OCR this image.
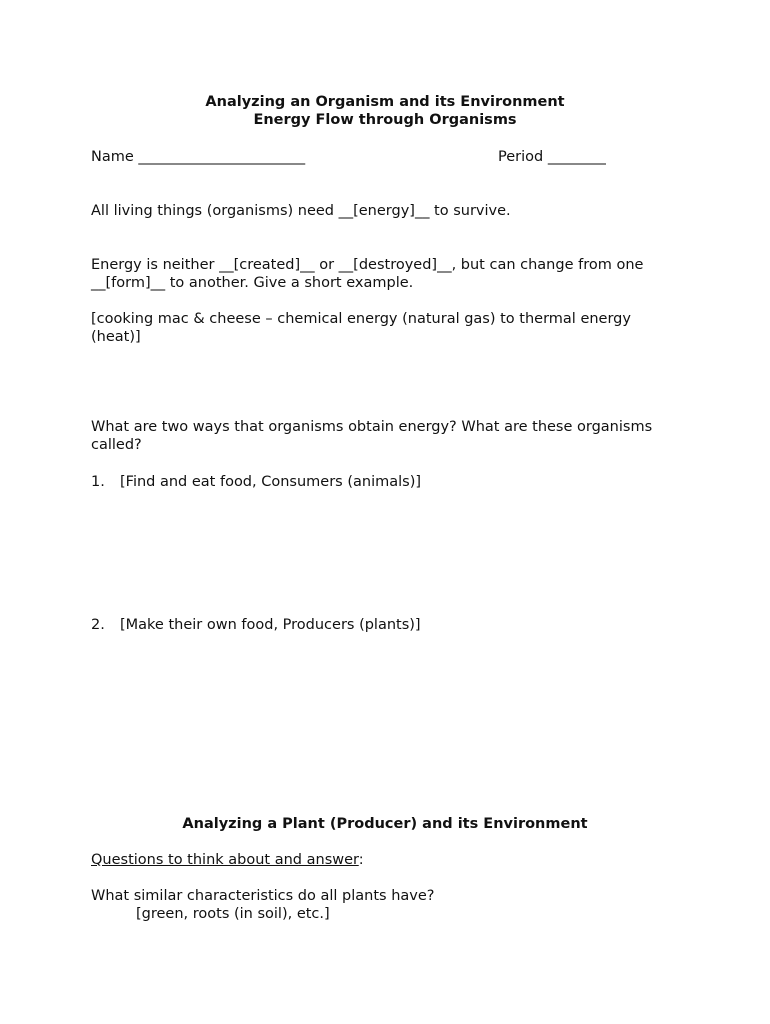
Analyzing an Organism and its Environment

Energy Flow through Organisms

Name _______________________	Period ________

All living things (organisms) need __[energy]__ to survive.

Energy is neither __[created]__ or __[destroyed]__, but can change from one

__[form]__ to another. Give a short example.

[cooking mac & cheese – chemical energy (natural gas) to thermal energy

(heat)]

What are two ways that organisms obtain energy? What are these organisms

called?

1. [Find and eat food, Consumers (animals)]

2. [Make their own food, Producers (plants)]

Analyzing a Plant (Producer) and its Environment

Questions to think about and answer:

What similar characteristics do all plants have?

[green, roots (in soil), etc.]
